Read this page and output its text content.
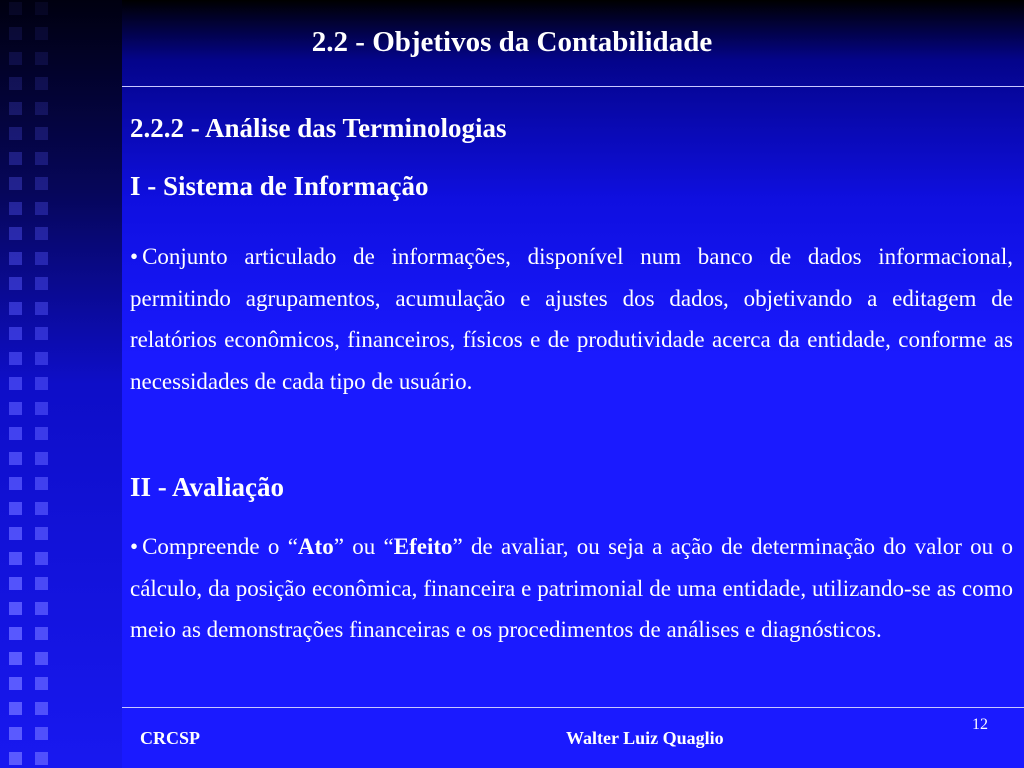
2.2 - Objetivos da Contabilidade
2.2.2 - Análise das Terminologias
I - Sistema de Informação
• Conjunto articulado de informações, disponível num banco de dados informacional, permitindo agrupamentos, acumulação e ajustes dos dados, objetivando a editagem de relatórios econômicos, financeiros, físicos e de produtividade acerca da entidade, conforme as necessidades de cada tipo de usuário.
II - Avaliação
• Compreende o “Ato” ou “Efeito” de avaliar, ou seja a ação de determinação do valor ou o cálculo, da posição econômica, financeira e patrimonial de uma entidade, utilizando-se as como meio as demonstrações financeiras e os procedimentos de análises e diagnósticos.
CRCSP	Walter Luiz Quaglio
12
